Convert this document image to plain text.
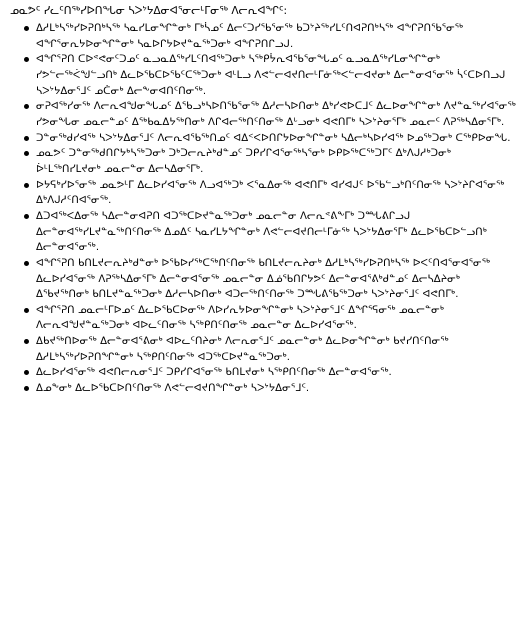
ᓄᓇᕗᑦ ᓯᓚᑦᑎᖅᓯᐅᑎᖓᓂ ᓴᐳᔾᔭᐃᓂᐊᕐᓂᓕᒻᒥᓂᖅ ᐱᓕᕆᐊᖏᑦ:
ᐃᓱᒪᒃᓴᖅᓯᐅᕈᑎᒃᓴᖅ ᓴᓇᓯᒪᓂᖏᓐᓂᒃ ᒥᒃᓵᓄᑦ ᐃᓕᑦᑐᓯᖃᕐᓂᖅ ᑲᑐᔾᔨᖅᓯᒪᑦᑎᐊᕈᑎᒃᓴᖅ ᐊᖏᕈᑎᖃᕐᓂᖅ ᐊᖏᕐᓂᕆᔭᐅᓂᖏᓐᓂᒃ ᓴᓇᐅᒋᔭᐅᔪᓐᓇᖅᑐᓂᒃ ᐊᖏᕈᑎᒋᓗᒍ.
ᐊᖏᕐᕈᑎ ᑕᐅᕝᕙᓂᑦᑐᓄᑦ ᓇᓗᓇᐃᖅᓯᒪᑦᑎᐊᖅᑐᓂᒃ ᓴᖅᑭᔮᕆᐊᖃᕐᓂᖓᓄᑦ ᓇᓗᓇᐃᖅᓯᒪᓂᖏᓐᓂᒃ ᓯᕗᓪᓕᖅᐹᖑᓪᓗᑎᒃ ᐃᓚᐅᖃᑕᐅᖃᑦᑕᖅᑐᓂᒃ ᐊᒻᒪᓗ ᐱᕙᓪᓕᐊᔪᑎᓕᒻᒥᓃᖅᐸᓪᓕᐊᔪᓂᒃ ᐃᓕᓐᓂᐊᕐᓂᖅ ᓵᑦᑕᐅᑎᓗᒍ ᓴᐳᔾᔭᐃᓂᕐᒧᑦ ᓄᑖᓂᒃ ᐃᓕᖕᓂᐊᑎᑦᑎᓂᖅ.
ᓂᕈᐊᖅᓯᓂᖅ ᐱᓕᕆᐊᖑᓂᖓᓄᑦ ᐃᖃᓗᒃᓴᐅᑎᖃᕐᓂᖅ ᐃᓱᓕᓴᐅᑎᓂᒃ ᐃᒃᓯᕙᐅᑕᒧᑦ ᐃᓚᐅᓂᖏᓐᓂᒃ ᐱᔪᓐᓇᖅᓯᐊᕐᓂᖅ ᓯᕗᓂᖓᓂ ᓄᓇᓕᓐᓄᑦ ᐃᖅᑲᓇᐃᔭᖅᑎᓂᒃ ᐱᒋᐊᓕᖅᑎᑦᑎᓂᖅ ᐃᒡᓗᓂᒃ ᐊᕙᑎᒥᒃ ᓴᐳᔾᔨᓂᕐᒥᒃ ᓄᓇᓕᑦ ᐱᕈᖅᓴᐃᓂᕐᒥᒃ.
ᑐᓐᓂᖅᑯᓯᐊᖅ ᓴᐳᔾᔭᐃᓂᕐᒧᑦ ᐱᓕᕆᐊᖃᖅᑎᓄᑦ ᐊᐃᑉᐸᐅᑎᒋᔭᐅᓂᖏᓐᓂᒃ ᓴᐃᓕᒃᓴᐅᓯᐊᖅ ᐅᓄᖅᑐᓂᒃ ᑕᖅᑭᐅᓂᖓ.
ᓄᓇᕗᑦ ᑐᓐᓂᖅᑯᑎᒋᔭᒃᓴᖅᑐᓂᒃ ᑐᒃᑐᓕᕆᔨᒃᑯᓐᓄᑦ ᑐᑭᓯᒋᐊᕐᓂᖅᓴᕐᓂᒃ ᐅᑭᐅᖅᑕᖅᑐᒥᑦ ᐃᒃᐱᒍᓱᒃᑐᓂᒃ ᐆᒻᒪᖅᑎᓯᒪᔪᓂᒃ ᓄᓇᓕᓐᓂ ᐃᓕᓴᐃᓂᕐᒥᒃ.
ᐅᔭᕋᒃᓯᐅᕐᓂᖅ ᓄᓇᕗᒻᒥ ᐃᓚᐅᓯᐊᕐᓂᖅ ᐱᓗᐊᖅᑐᒃ ᐸᕐᓇᐃᓂᖅ ᐊᕙᑎᒥᒃ ᐊᓯᐊᒍᑦ ᐅᖃᓪᓗᒃᑎᑦᑎᓂᖅ ᓴᐳᔾᔨᒋᐊᕐᓂᖅ ᐃᒃᐱᒍᓱᑦᑎᐊᕐᓂᖅ.
ᐃᑐᐊᖅᐸᐃᓂᖅ ᓴᐃᓕᓐᓂᐊᕈᑎ ᐊᑐᖅᑕᐅᔪᓐᓇᖅᑐᓂᒃ ᓄᓇᓕᓐᓂ ᐱᓕᕆᕝᕕᖕᒥᒃ ᑐᙵᕕᒋᓗᒍ ᐃᓕᓐᓂᐊᖅᓯᒪᔪᓐᓇᖅᑎᑦᑎᓂᖅ ᐃᓄᐃᑦ ᓴᓇᓯᒪᔭᖏᓐᓂᒃ ᐱᕙᓪᓕᐊᔪᑎᓕᒻᒥᓃᖅ ᓴᐳᔾᔭᐃᓂᕐᒥᒃ ᐃᓚᐅᖃᑕᐅᓪᓗᑎᒃ ᐃᓕᓐᓂᐊᕐᓂᖅ.
ᐊᖏᕐᕈᑎ ᑲᑎᒪᔪᓕᕆᔨᒃᑯᓐᓂᒃ ᐅᖃᐅᓯᖅᑕᖅᑎᑦᑎᓂᖅ ᑲᑎᒪᔪᓕᕆᔨᓂᒃ ᐃᓱᒪᒃᓴᖅᓯᐅᕈᑎᒃᓴᖅ ᐅᐸᑦᑎᐊᕐᓂᐊᕐᓂᖅ ᐃᓚᐅᓯᐊᕐᓂᖅ ᐱᕈᖅᓴᐃᓂᕐᒥᒃ ᐃᓕᓐᓂᐊᕐᓂᖅ ᓄᓇᓕᓐᓂ ᐃᓅᖃᑎᒋᔭᕗᑦ ᐃᓕᓐᓂᐊᕐᕕᒃᑯᓐᓄᑦ ᐃᓕᓴᐃᔨᓂᒃ ᐃᖃᔪᖅᑎᓂᒃ ᑲᑎᒪᔪᓐᓇᖅᑐᓂᒃ ᐃᓱᓕᓴᐅᑎᓂᒃ ᐊᑐᓕᖅᑎᑦᑎᓂᖅ ᑐᙵᕕᖃᖅᑐᓂᒃ ᓴᐳᔾᔨᓂᕐᒧᑦ ᐊᕙᑎᒥᒃ.
ᐊᖏᕐᕈᑎ ᓄᓇᓕᒻᒥᐅᓄᑦ ᐃᓚᐅᖃᑕᐅᓂᖅ ᐱᐅᓯᕆᔭᐅᓂᖏᓐᓂᒃ ᓴᐳᔾᔨᓂᕐᒧᑦ ᐃᖏᕐᕋᓂᖅ ᓄᓇᓕᓐᓂᒃ ᐱᓕᕆᐊᖑᔪᓐᓇᖅᑐᓂᒃ ᐊᐅᓚᑦᑎᓂᖅ ᓴᖅᑭᑎᑦᑎᓂᖅ ᓄᓇᓕᓐᓂ ᐃᓚᐅᓯᐊᕐᓂᖅ.
ᐃᑲᔪᖅᑎᐅᓂᖅ ᐃᓕᓐᓂᐊᕐᕕᓂᒃ ᐊᐅᓚᑦᑎᔨᓂᒃ ᐱᓕᕆᓂᕐᒧᑦ ᓄᓇᓕᓐᓂᒃ ᐃᓚᐅᓂᖏᓐᓂᒃ ᑲᔪᓯᑎᑦᑎᓂᖅ ᐃᓱᒪᒃᓴᖅᓯᐅᕈᑎᖏᓐᓂᒃ ᓴᖅᑭᑎᑦᑎᓂᖅ ᐊᑐᖅᑕᐅᔪᓐᓇᖅᑐᓂᒃ.
ᐃᓚᐅᓯᐊᕐᓂᖅ ᐊᕙᑎᓕᕆᓂᕐᒧᑦ ᑐᑭᓯᒋᐊᕐᓂᖅ ᑲᑎᒪᔪᓂᒃ ᓴᖅᑭᑎᑦᑎᓂᖅ ᐃᓕᓐᓂᐊᕐᓂᖅ.
ᐃᓄᖕᓂᒃ ᐃᓚᐅᖃᑕᐅᑎᑦᑎᓂᖅ ᐱᕙᓪᓕᐊᔪᑎᖏᓐᓂᒃ ᓴᐳᔾᔭᐃᓂᕐᒧᑦ.
